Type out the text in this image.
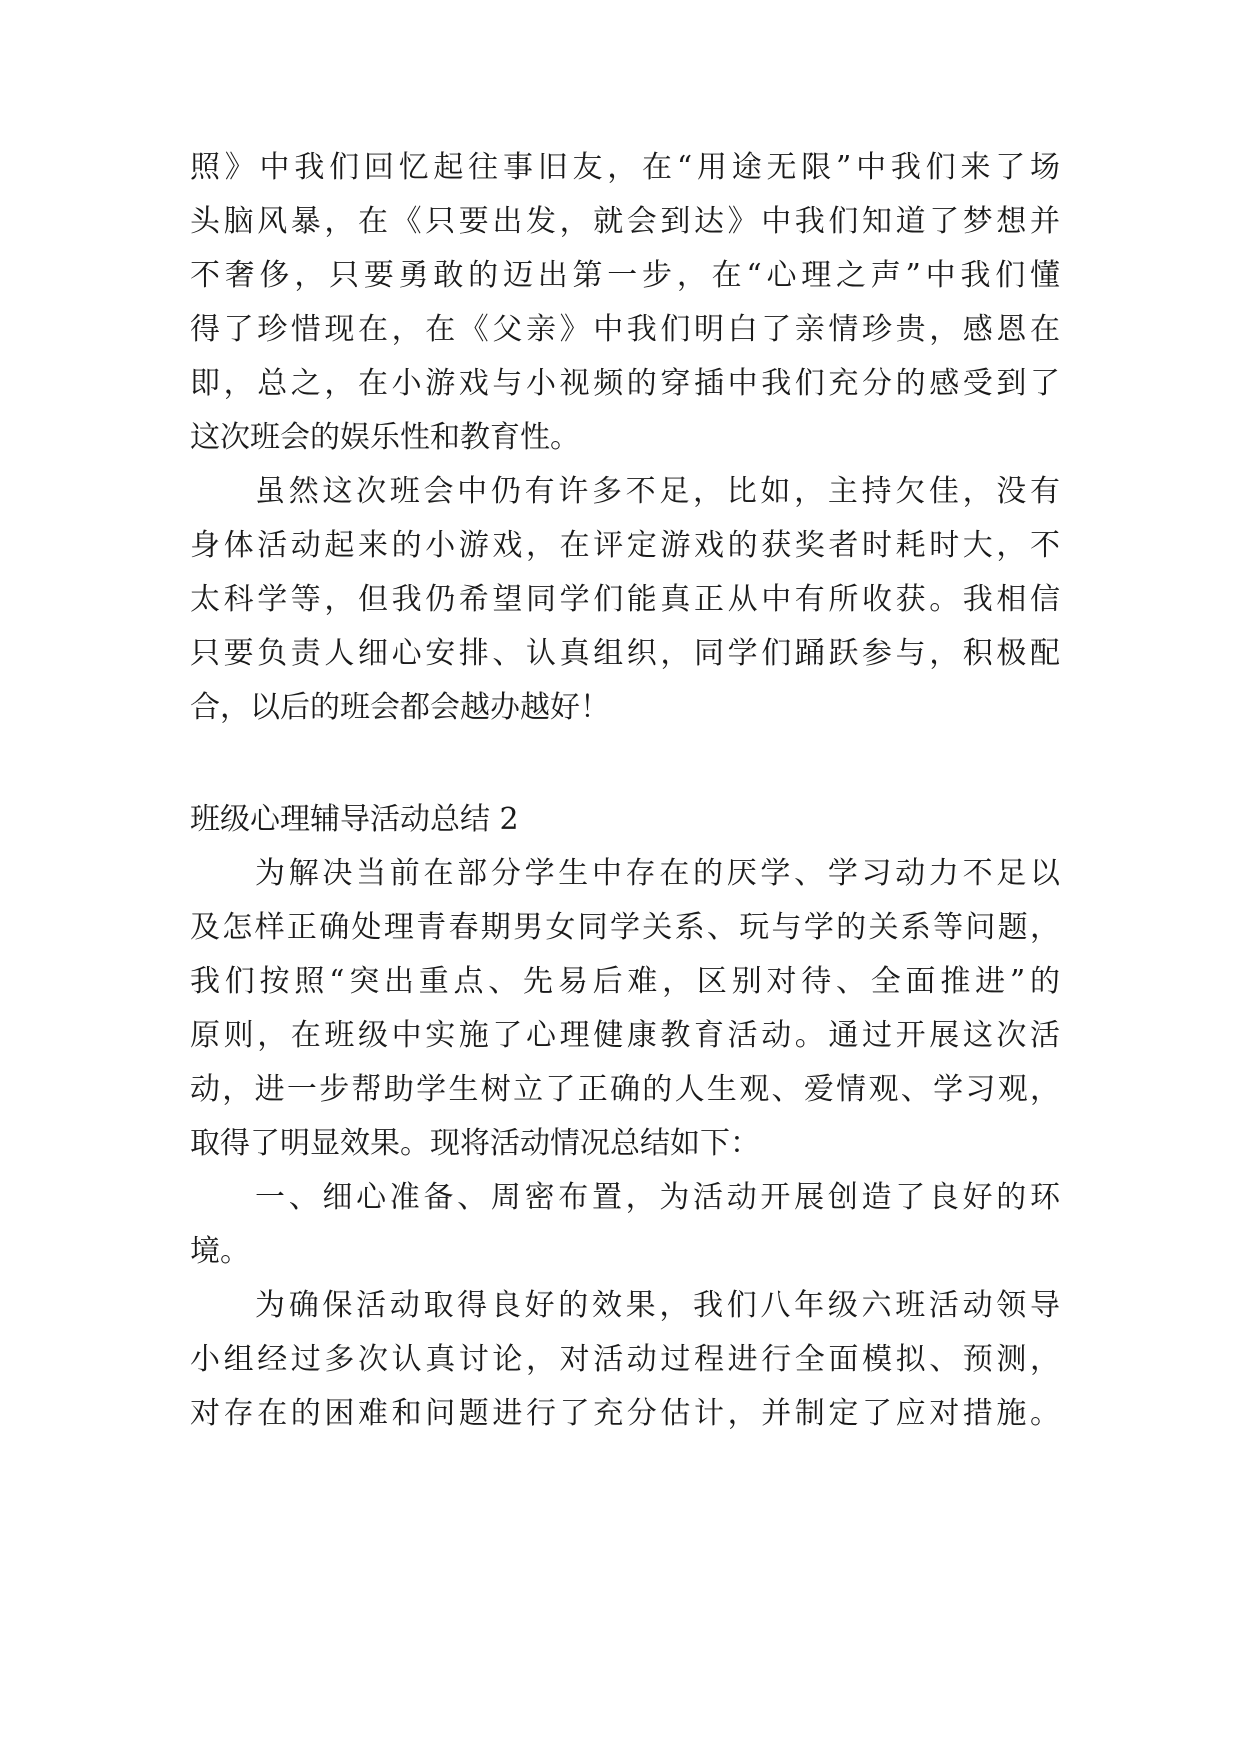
照》中我们回忆起往事旧友，在“用途无限”中我们来了场
头脑风暴，在《只要出发，就会到达》中我们知道了梦想并
不奢侈，只要勇敢的迈出第一步，在“心理之声”中我们懂
得了珍惜现在，在《父亲》中我们明白了亲情珍贵，感恩在
即，总之，在小游戏与小视频的穿插中我们充分的感受到了
这次班会的娱乐性和教育性。
虽然这次班会中仍有许多不足，比如，主持欠佳，没有
身体活动起来的小游戏，在评定游戏的获奖者时耗时大，不
太科学等，但我仍希望同学们能真正从中有所收获。我相信
只要负责人细心安排、认真组织，同学们踊跃参与，积极配
合，以后的班会都会越办越好！
班级心理辅导活动总结 2
为解决当前在部分学生中存在的厌学、学习动力不足以
及怎样正确处理青春期男女同学关系、玩与学的关系等问题，
我们按照“突出重点、先易后难，区别对待、全面推进”的
原则，在班级中实施了心理健康教育活动。通过开展这次活
动，进一步帮助学生树立了正确的人生观、爱情观、学习观，
取得了明显效果。现将活动情况总结如下：
一、细心准备、周密布置，为活动开展创造了良好的环
境。
为确保活动取得良好的效果，我们八年级六班活动领导
小组经过多次认真讨论，对活动过程进行全面模拟、预测，
对存在的困难和问题进行了充分估计，并制定了应对措施。
